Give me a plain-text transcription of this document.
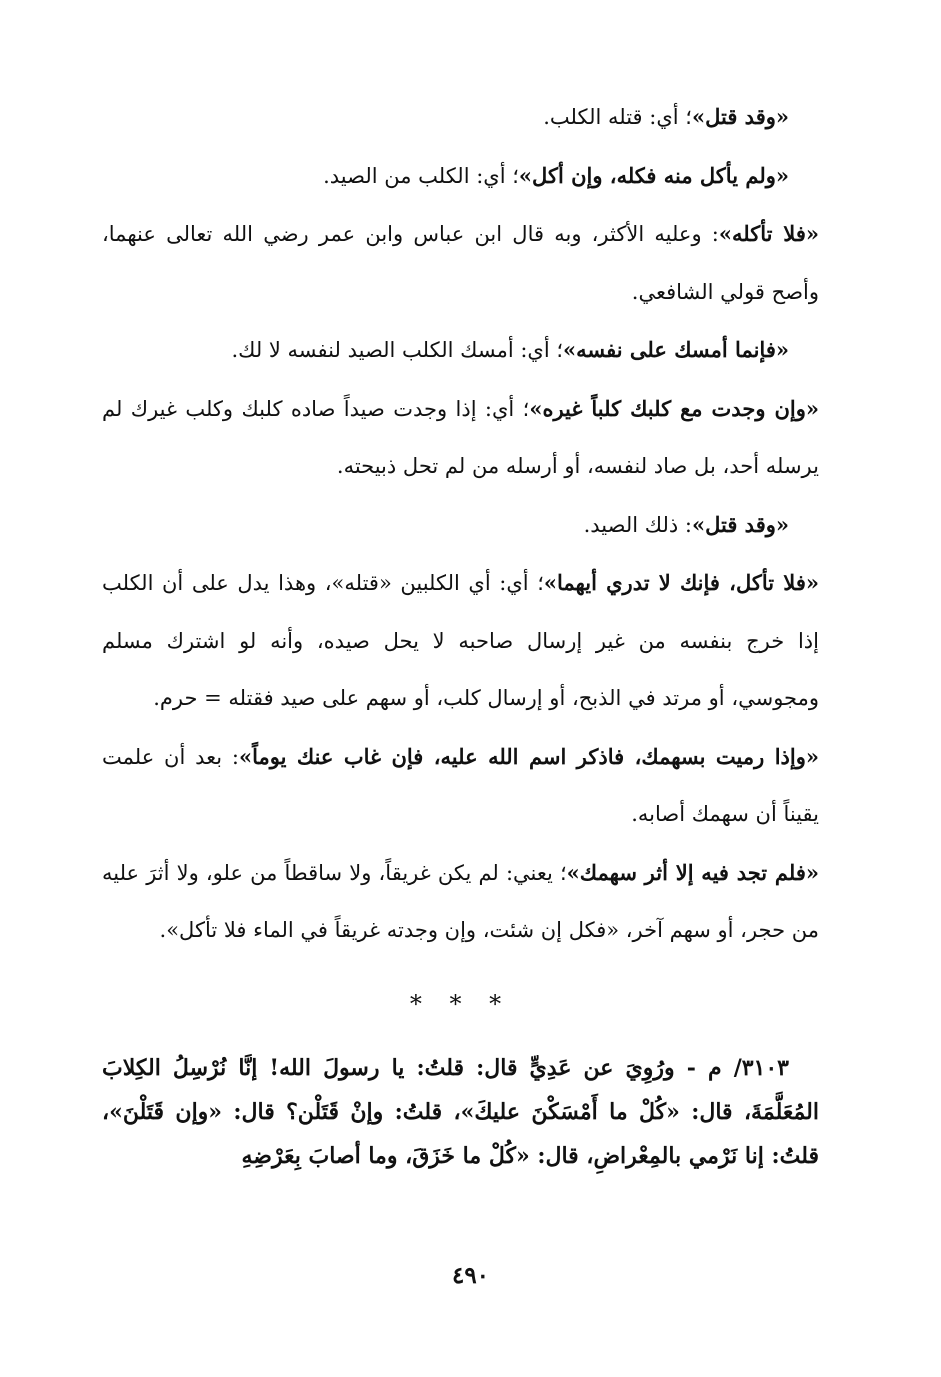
«وقد قتل»؛ أي: قتله الكلب.

«ولم يأكل منه فكله، وإن أكل»؛ أي: الكلب من الصيد.

«فلا تأكله»: وعليه الأكثر، وبه قال ابن عباس وابن عمر رضي الله تعالى عنهما، وأصح قولي الشافعي.

«فإنما أمسك على نفسه»؛ أي: أمسك الكلب الصيد لنفسه لا لك.

«وإن وجدت مع كلبك كلباً غيره»؛ أي: إذا وجدت صيداً صاده كلبك وكلب غيرك لم يرسله أحد، بل صاد لنفسه، أو أرسله من لم تحل ذبيحته.

«وقد قتل»: ذلك الصيد.

«فلا تأكل، فإنك لا تدري أيهما»؛ أي: أي الكلبين «قتله»، وهذا يدل على أن الكلب إذا خرج بنفسه من غير إرسال صاحبه لا يحل صيده، وأنه لو اشترك مسلم ومجوسي، أو مرتد في الذبح، أو إرسال كلب، أو سهم على صيد فقتله = حرم.

«وإذا رميت بسهمك، فاذكر اسم الله عليه، فإن غاب عنك يوماً»: بعد أن علمت يقيناً أن سهمك أصابه.

«فلم تجد فيه إلا أثر سهمك»؛ يعني: لم يكن غريقاً، ولا ساقطاً من علو، ولا أثرَ عليه من حجر، أو سهم آخر، «فكل إن شئت، وإن وجدته غريقاً في الماء فلا تأكل».

* * *

٣١٠٣/ م - ورُوِيَ عن عَدِيٍّ قال: قلتُ: يا رسولَ الله! إنَّا نُرْسِلُ الكِلابَ المُعَلَّمَةَ، قال: «كُلْ ما أَمْسَكْنَ عليكَ»، قلتُ: وإنْ قَتَلْن؟ قال: «وإن قَتَلْنَ»، قلتُ: إنا نَرْمي بالمِعْراضِ، قال: «كُلْ ما خَزَقَ، وما أصابَ بِعَرْضِهِ

٤٩٠
